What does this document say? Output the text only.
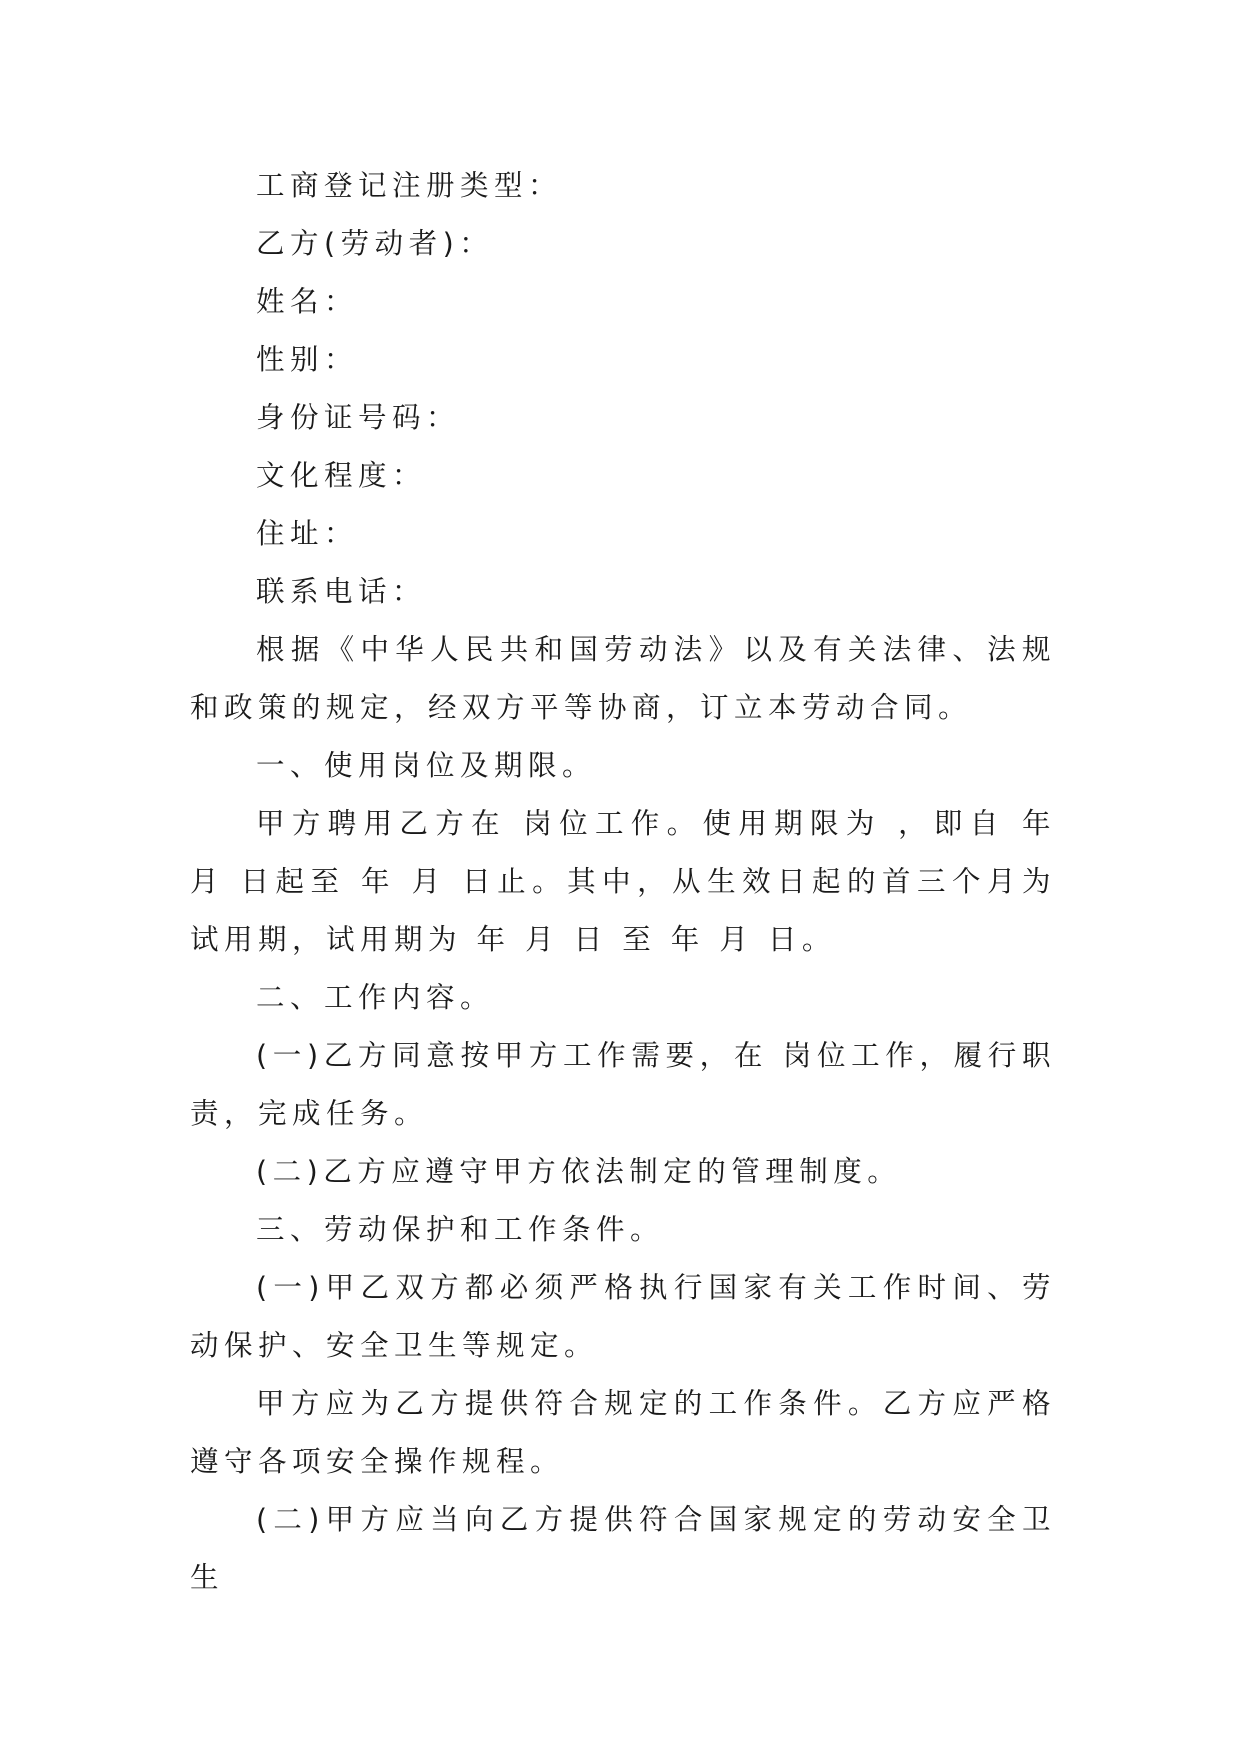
工商登记注册类型：

乙方(劳动者)：

姓名：

性别：

身份证号码：

文化程度：

住址：

联系电话：

根据《中华人民共和国劳动法》以及有关法律、法规和政策的规定，经双方平等协商，订立本劳动合同。

一、使用岗位及期限。

甲方聘用乙方在 岗位工作。使用期限为 ，即自 年 月 日起至 年 月 日止。其中，从生效日起的首三个月为试用期，试用期为 年 月 日 至 年 月 日。

二、工作内容。

(一)乙方同意按甲方工作需要，在 岗位工作，履行职责，完成任务。

(二)乙方应遵守甲方依法制定的管理制度。

三、劳动保护和工作条件。

(一)甲乙双方都必须严格执行国家有关工作时间、劳动保护、安全卫生等规定。

甲方应为乙方提供符合规定的工作条件。乙方应严格遵守各项安全操作规程。

(二)甲方应当向乙方提供符合国家规定的劳动安全卫生
